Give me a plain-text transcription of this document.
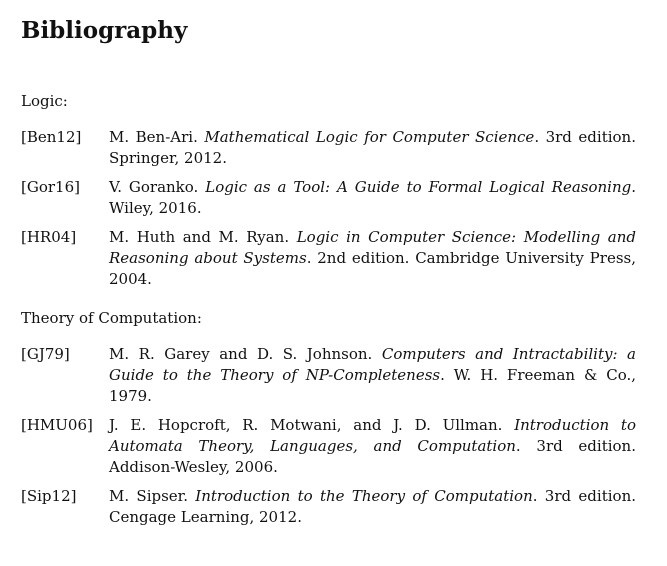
Bibliography
Logic:
[Ben12]	M. Ben-Ari. Mathematical Logic for Computer Science. 3rd edition. Springer, 2012.
[Gor16]	V. Goranko. Logic as a Tool: A Guide to Formal Logical Reasoning. Wiley, 2016.
[HR04]	M. Huth and M. Ryan. Logic in Computer Science: Modelling and Reasoning about Systems. 2nd edition. Cambridge University Press, 2004.
Theory of Computation:
[GJ79]	M. R. Garey and D. S. Johnson. Computers and Intractability: a Guide to the Theory of NP-Completeness. W. H. Freeman & Co., 1979.
[HMU06]	J. E. Hopcroft, R. Motwani, and J. D. Ullman. Introduction to Automata Theory, Languages, and Computation. 3rd edition. Addison-Wesley, 2006.
[Sip12]	M. Sipser. Introduction to the Theory of Computation. 3rd edition. Cengage Learning, 2012.
